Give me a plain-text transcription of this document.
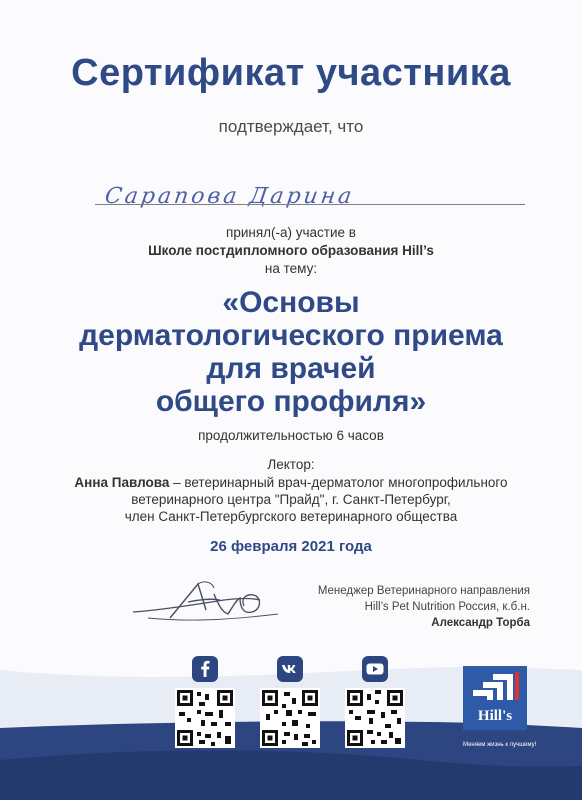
Сертификат участника
подтверждает, что
Сарапова Дарина
принял(-а) участие в
Школе постдипломного образования Hill’s
на тему:
«Основы
дерматологического приема
для врачей
общего профиля»
продолжительностью 6 часов
Лектор:
Анна Павлова – ветеринарный врач-дерматолог многопрофильного
ветеринарного центра "Прайд", г. Санкт-Петербург,
член Санкт-Петербургского ветеринарного общества
26 февраля 2021 года
Менеджер Ветеринарного направления
Hill’s Pet Nutrition Россия, к.б.н.
Александр Торба
Hill's
Меняем жизнь к лучшему!
